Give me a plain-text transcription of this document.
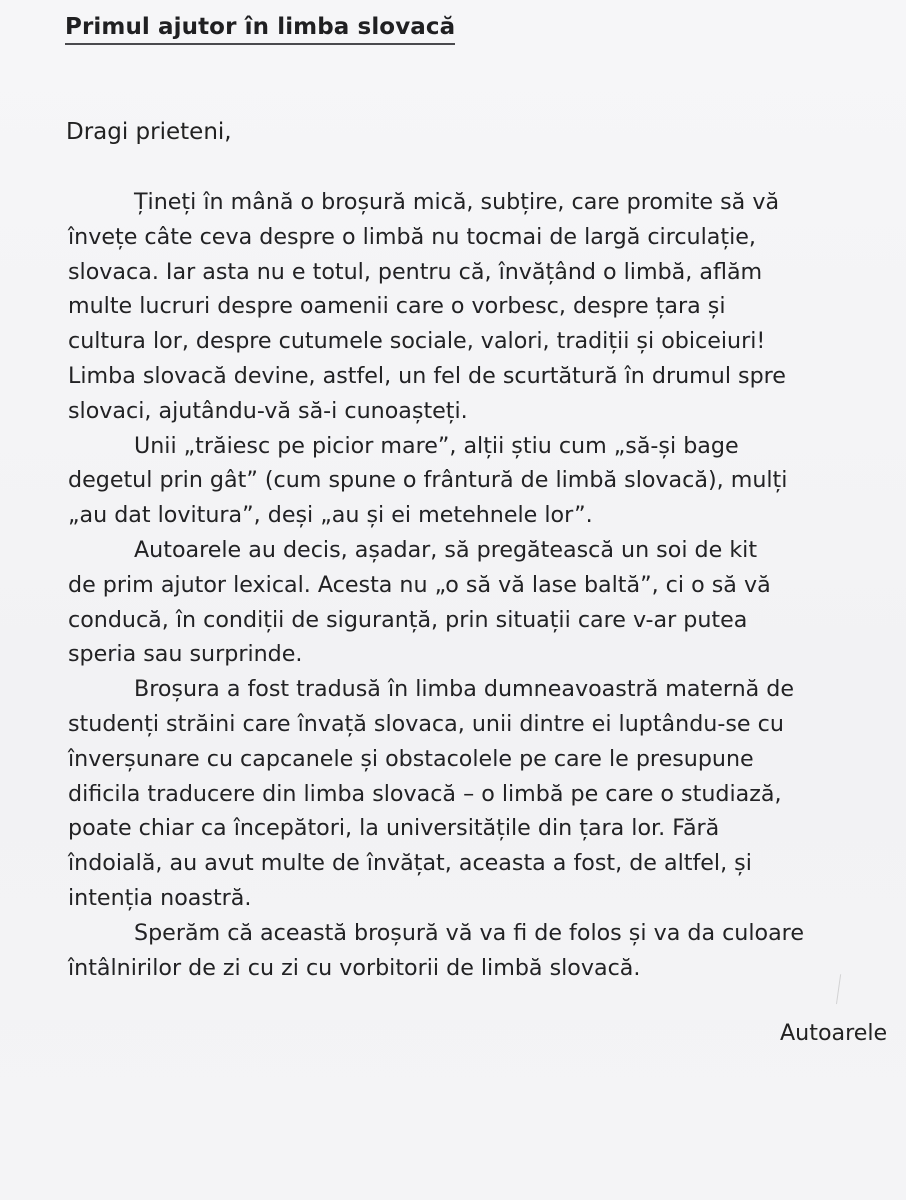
Primul ajutor în limba slovacă

Dragi prieteni,

Țineți în mână o broșură mică, subțire, care promite să vă
învețe câte ceva despre o limbă nu tocmai de largă circulație,
slovaca. Iar asta nu e totul, pentru că, învățând o limbă, aflăm
multe lucruri despre oamenii care o vorbesc, despre țara și
cultura lor, despre cutumele sociale, valori, tradiții și obiceiuri!
Limba slovacă devine, astfel, un fel de scurtătură în drumul spre
slovaci, ajutându-vă să-i cunoașteți.
Unii „trăiesc pe picior mare”, alții știu cum „să-și bage
degetul prin gât” (cum spune o frântură de limbă slovacă), mulți
„au dat lovitura”, deși „au și ei metehnele lor”.
Autoarele au decis, așadar, să pregătească un soi de kit
de prim ajutor lexical. Acesta nu „o să vă lase baltă”, ci o să vă
conducă, în condiții de siguranță, prin situații care v-ar putea
speria sau surprinde.
Broșura a fost tradusă în limba dumneavoastră maternă de
studenți străini care învață slovaca, unii dintre ei luptându-se cu
înverșunare cu capcanele și obstacolele pe care le presupune
dificila traducere din limba slovacă – o limbă pe care o studiază,
poate chiar ca începători, la universitățile din țara lor. Fără
îndoială, au avut multe de învățat, aceasta a fost, de altfel, și
intenția noastră.
Sperăm că această broșură vă va fi de folos și va da culoare
întâlnirilor de zi cu zi cu vorbitorii de limbă slovacă.

Autoarele
